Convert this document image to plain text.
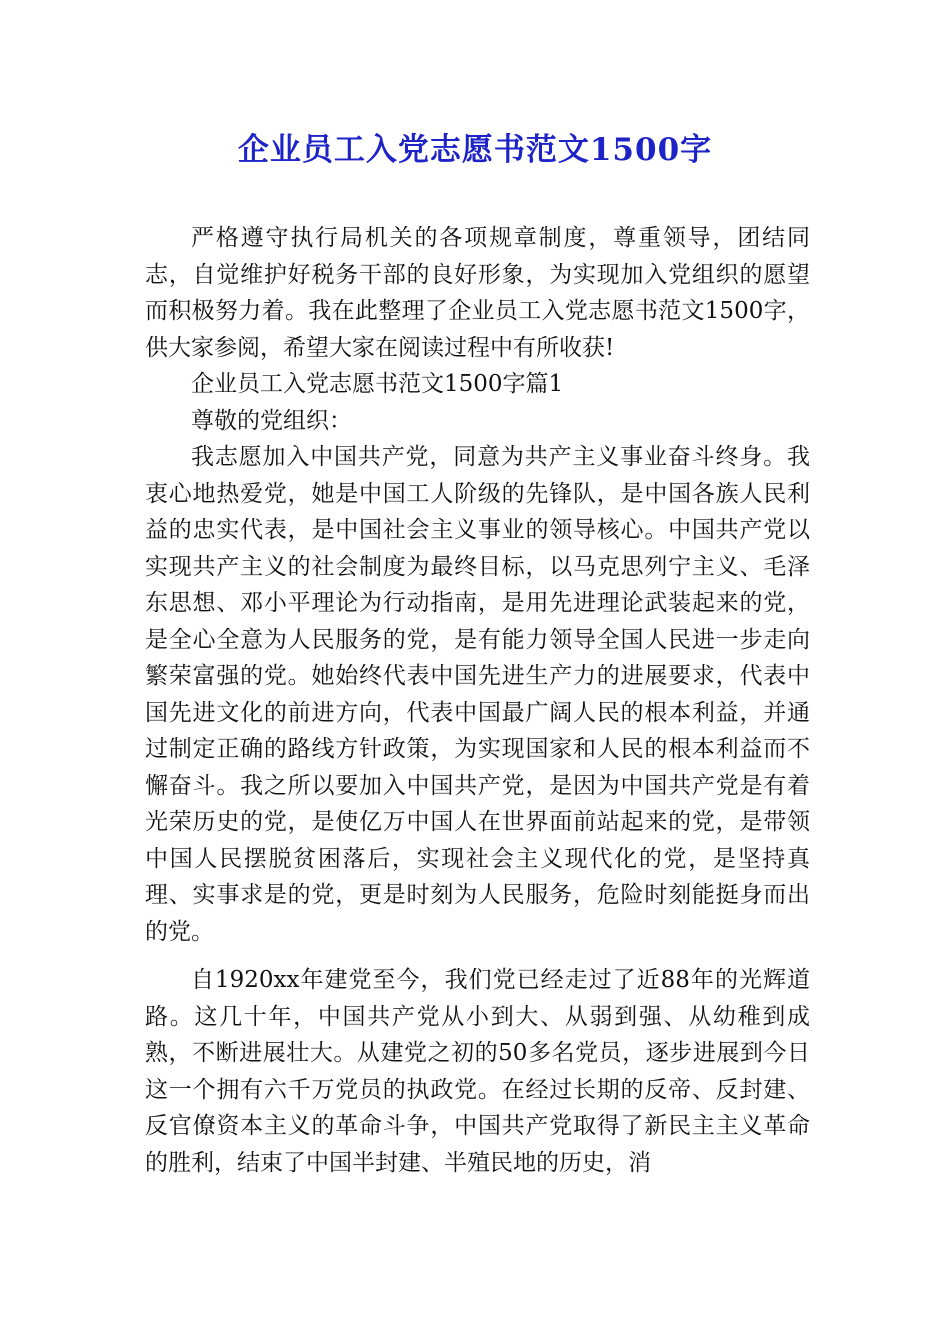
企业员工入党志愿书范文1500字

严格遵守执行局机关的各项规章制度，尊重领导，团结同志，自觉维护好税务干部的良好形象，为实现加入党组织的愿望而积极努力着。我在此整理了企业员工入党志愿书范文1500字，供大家参阅，希望大家在阅读过程中有所收获!

企业员工入党志愿书范文1500字篇1

尊敬的党组织：

我志愿加入中国共产党，同意为共产主义事业奋斗终身。我衷心地热爱党，她是中国工人阶级的先锋队，是中国各族人民利益的忠实代表，是中国社会主义事业的领导核心。中国共产党以实现共产主义的社会制度为最终目标，以马克思列宁主义、毛泽东思想、邓小平理论为行动指南，是用先进理论武装起来的党，是全心全意为人民服务的党，是有能力领导全国人民进一步走向繁荣富强的党。她始终代表中国先进生产力的进展要求，代表中国先进文化的前进方向，代表中国最广阔人民的根本利益，并通过制定正确的路线方针政策，为实现国家和人民的根本利益而不懈奋斗。我之所以要加入中国共产党，是因为中国共产党是有着光荣历史的党，是使亿万中国人在世界面前站起来的党，是带领中国人民摆脱贫困落后，实现社会主义现代化的党，是坚持真理、实事求是的党，更是时刻为人民服务，危险时刻能挺身而出的党。

自1920xx年建党至今，我们党已经走过了近88年的光辉道路。这几十年，中国共产党从小到大、从弱到强、从幼稚到成熟，不断进展壮大。从建党之初的50多名党员，逐步进展到今日这一个拥有六千万党员的执政党。在经过长期的反帝、反封建、反官僚资本主义的革命斗争，中国共产党取得了新民主主义革命的胜利，结束了中国半封建、半殖民地的历史，消
